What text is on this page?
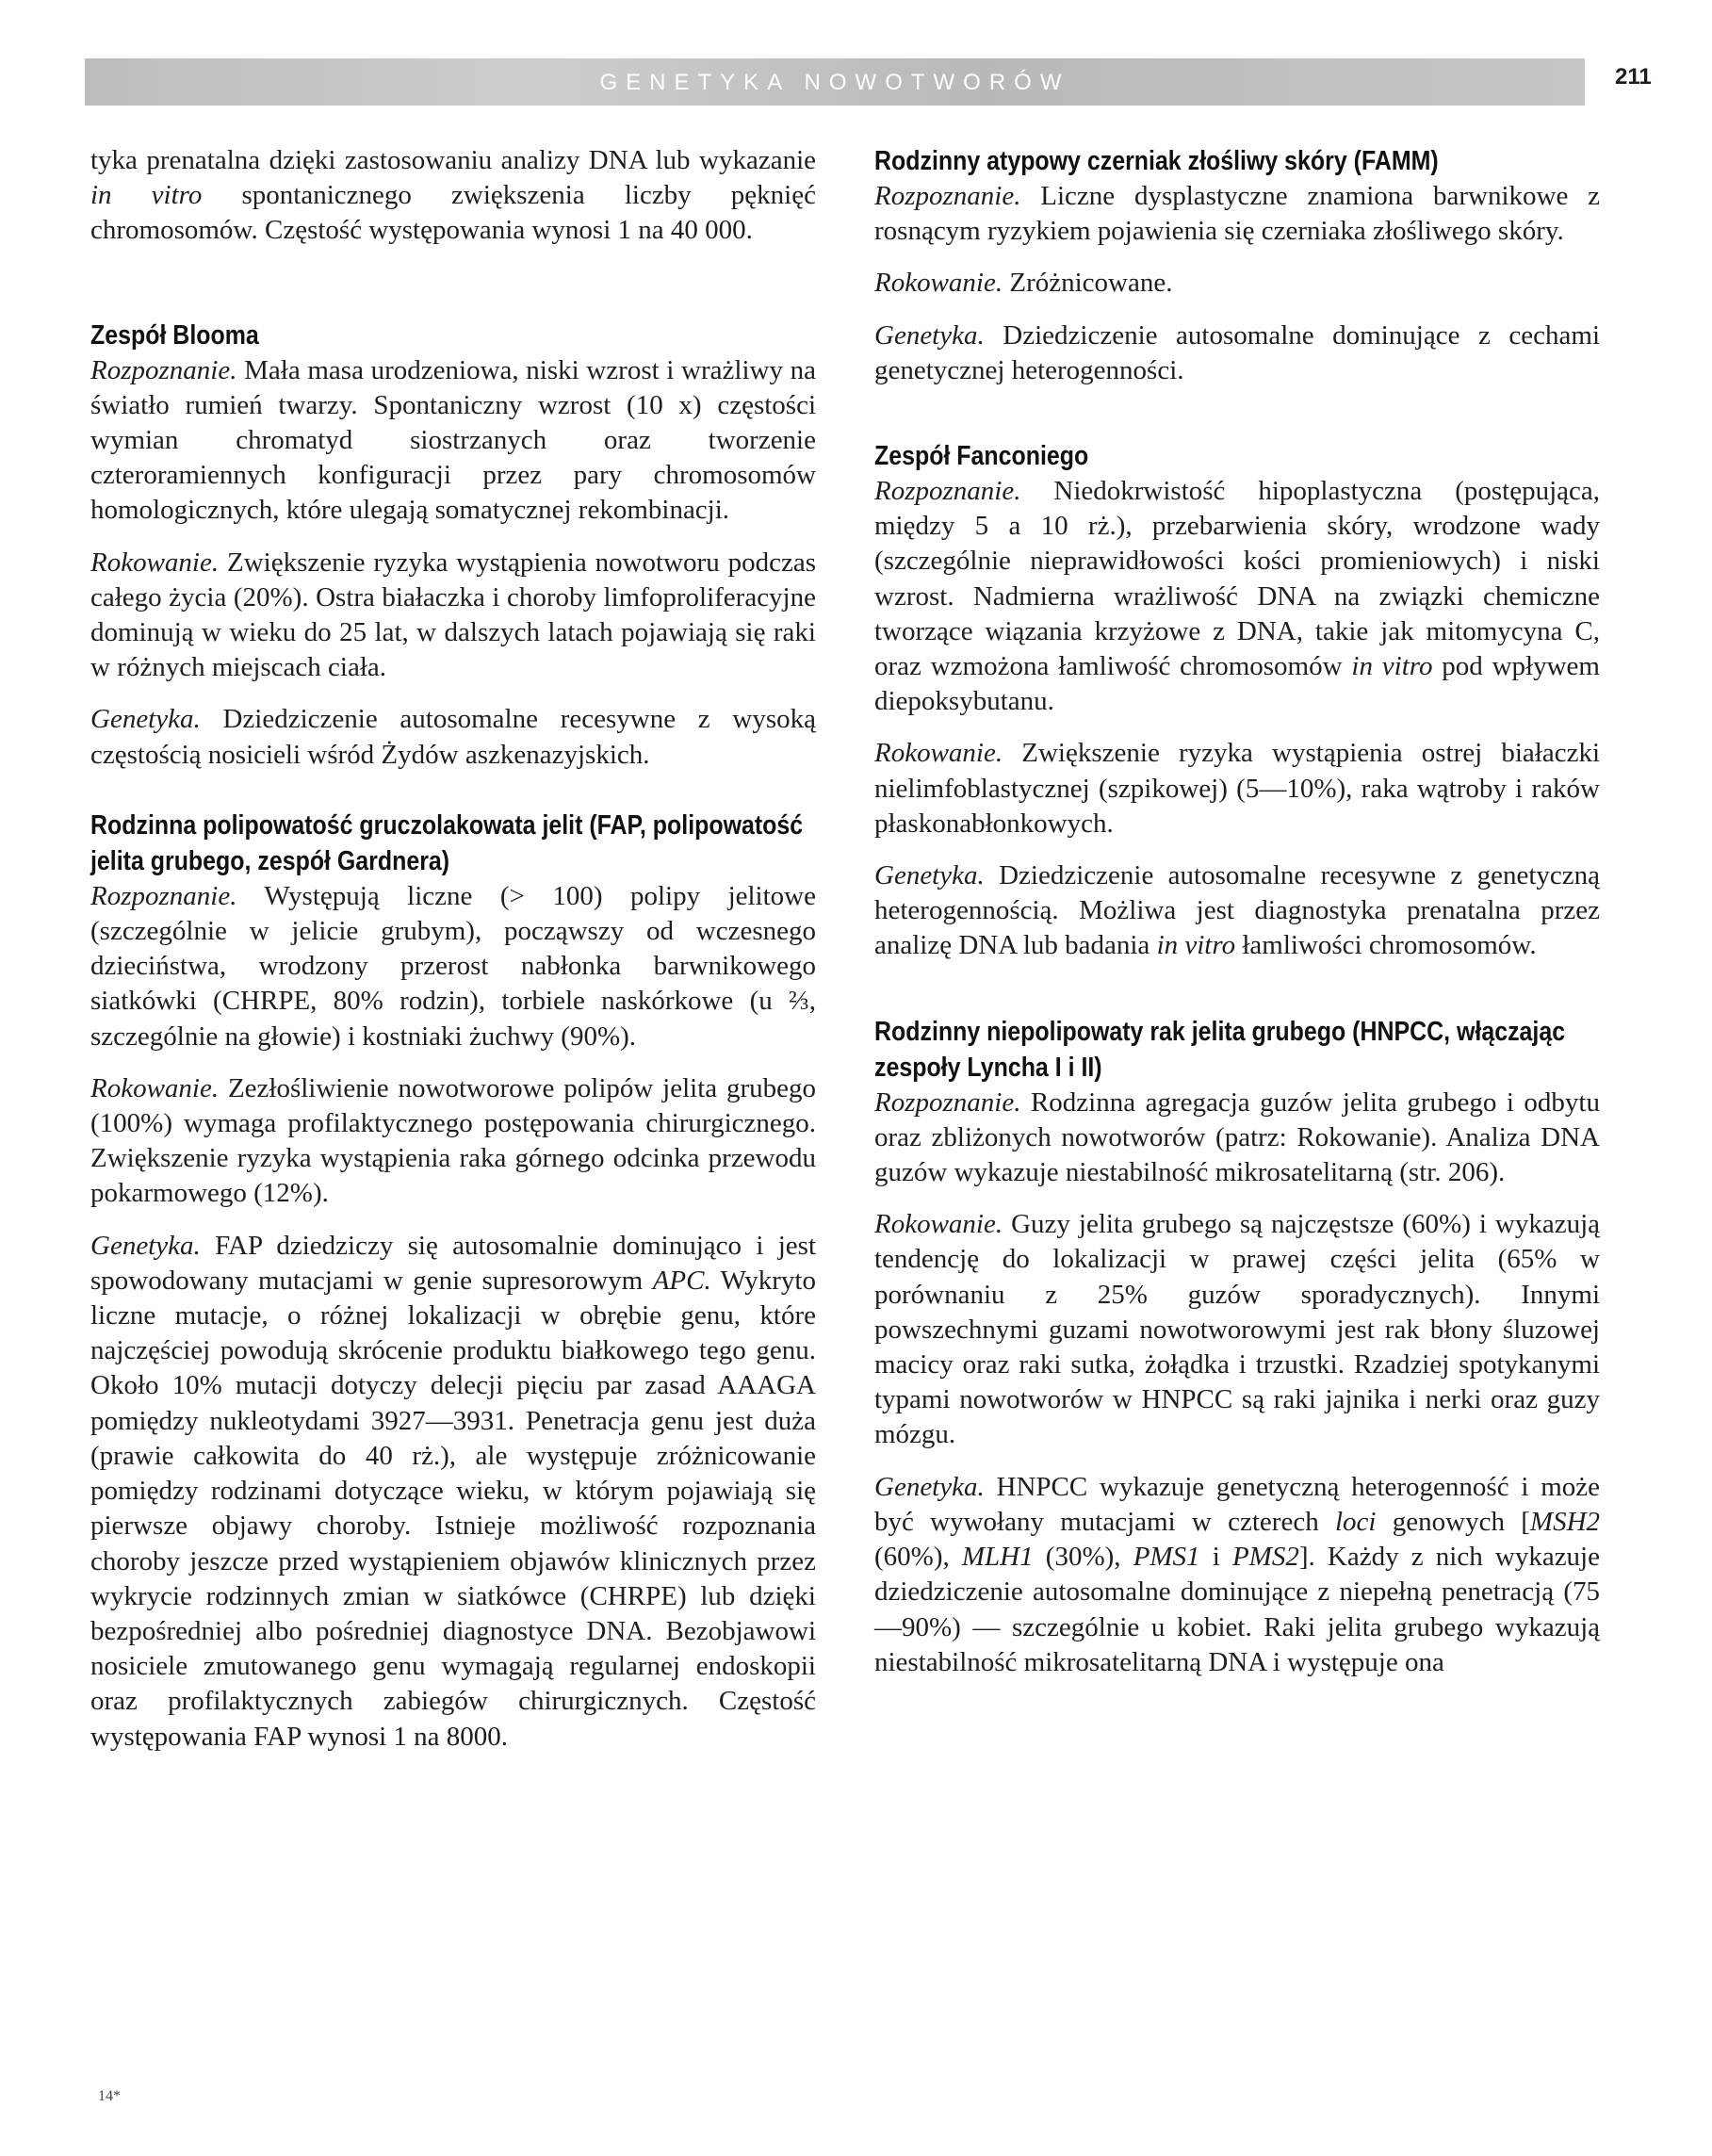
GENETYKA NOWOTWORÓW	211

tyka prenatalna dzięki zastosowaniu analizy DNA lub wykazanie in vitro spontanicznego zwiększenia liczby pęknięć chromosomów. Częstość występowania wynosi 1 na 40 000.

Zespół Blooma

Rozpoznanie. Mała masa urodzeniowa, niski wzrost i wrażliwy na światło rumień twarzy. Spontaniczny wzrost (10 x) częstości wymian chromatyd siostrzanych oraz tworzenie czteroramiennych konfiguracji przez pary chromosomów homologicznych, które ulegają somatycznej rekombinacji.

Rokowanie. Zwiększenie ryzyka wystąpienia nowotworu podczas całego życia (20%). Ostra białaczka i choroby limfoproliferacyjne dominują w wieku do 25 lat, w dalszych latach pojawiają się raki w różnych miejscach ciała.

Genetyka. Dziedziczenie autosomalne recesywne z wysoką częstością nosicieli wśród Żydów aszkenazyjskich.

Rodzinna polipowatość gruczolakowata jelit (FAP, polipowatość jelita grubego, zespół Gardnera)

Rozpoznanie. Występują liczne (> 100) polipy jelitowe (szczególnie w jelicie grubym), począwszy od wczesnego dzieciństwa, wrodzony przerost nabłonka barwnikowego siatkówki (CHRPE, 80% rodzin), torbiele naskórkowe (u ⅔, szczególnie na głowie) i kostniaki żuchwy (90%).

Rokowanie. Zezłośliwienie nowotworowe polipów jelita grubego (100%) wymaga profilaktycznego postępowania chirurgicznego. Zwiększenie ryzyka wystąpienia raka górnego odcinka przewodu pokarmowego (12%).

Genetyka. FAP dziedziczy się autosomalnie dominująco i jest spowodowany mutacjami w genie supresorowym APC. Wykryto liczne mutacje, o różnej lokalizacji w obrębie genu, które najczęściej powodują skrócenie produktu białkowego tego genu. Około 10% mutacji dotyczy delecji pięciu par zasad AAAGA pomiędzy nukleotydami 3927—3931. Penetracja genu jest duża (prawie całkowita do 40 rż.), ale występuje zróżnicowanie pomiędzy rodzinami dotyczące wieku, w którym pojawiają się pierwsze objawy choroby. Istnieje możliwość rozpoznania choroby jeszcze przed wystąpieniem objawów klinicznych przez wykrycie rodzinnych zmian w siatkówce (CHRPE) lub dzięki bezpośredniej albo pośredniej diagnostyce DNA. Bezobjawowi nosiciele zmutowanego genu wymagają regularnej endoskopii oraz profilaktycznych zabiegów chirurgicznych. Częstość występowania FAP wynosi 1 na 8000.

Rodzinny atypowy czerniak złośliwy skóry (FAMM)

Rozpoznanie. Liczne dysplastyczne znamiona barwnikowe z rosnącym ryzykiem pojawienia się czerniaka złośliwego skóry.

Rokowanie. Zróżnicowane.

Genetyka. Dziedziczenie autosomalne dominujące z cechami genetycznej heterogenności.

Zespół Fanconiego

Rozpoznanie. Niedokrwistość hipoplastyczna (postępująca, między 5 a 10 rż.), przebarwienia skóry, wrodzone wady (szczególnie nieprawidłowości kości promieniowych) i niski wzrost. Nadmierna wrażliwość DNA na związki chemiczne tworzące wiązania krzyżowe z DNA, takie jak mitomycyna C, oraz wzmożona łamliwość chromosomów in vitro pod wpływem diepoksybutanu.

Rokowanie. Zwiększenie ryzyka wystąpienia ostrej białaczki nielimfoblastycznej (szpikowej) (5—10%), raka wątroby i raków płaskonabłonkowych.

Genetyka. Dziedziczenie autosomalne recesywne z genetyczną heterogennością. Możliwa jest diagnostyka prenatalna przez analizę DNA lub badania in vitro łamliwości chromosomów.

Rodzinny niepolipowaty rak jelita grubego (HNPCC, włączając zespoły Lyncha I i II)

Rozpoznanie. Rodzinna agregacja guzów jelita grubego i odbytu oraz zbliżonych nowotworów (patrz: Rokowanie). Analiza DNA guzów wykazuje niestabilność mikrosatelitarną (str. 206).

Rokowanie. Guzy jelita grubego są najczęstsze (60%) i wykazują tendencję do lokalizacji w prawej części jelita (65% w porównaniu z 25% guzów sporadycznych). Innymi powszechnymi guzami nowotworowymi jest rak błony śluzowej macicy oraz raki sutka, żołądka i trzustki. Rzadziej spotykanymi typami nowotworów w HNPCC są raki jajnika i nerki oraz guzy mózgu.

Genetyka. HNPCC wykazuje genetyczną heterogenność i może być wywołany mutacjami w czterech loci genowych [MSH2 (60%), MLH1 (30%), PMS1 i PMS2]. Każdy z nich wykazuje dziedziczenie autosomalne dominujące z niepełną penetracją (75—90%) — szczególnie u kobiet. Raki jelita grubego wykazują niestabilność mikrosatelitarną DNA i występuje ona

14*
